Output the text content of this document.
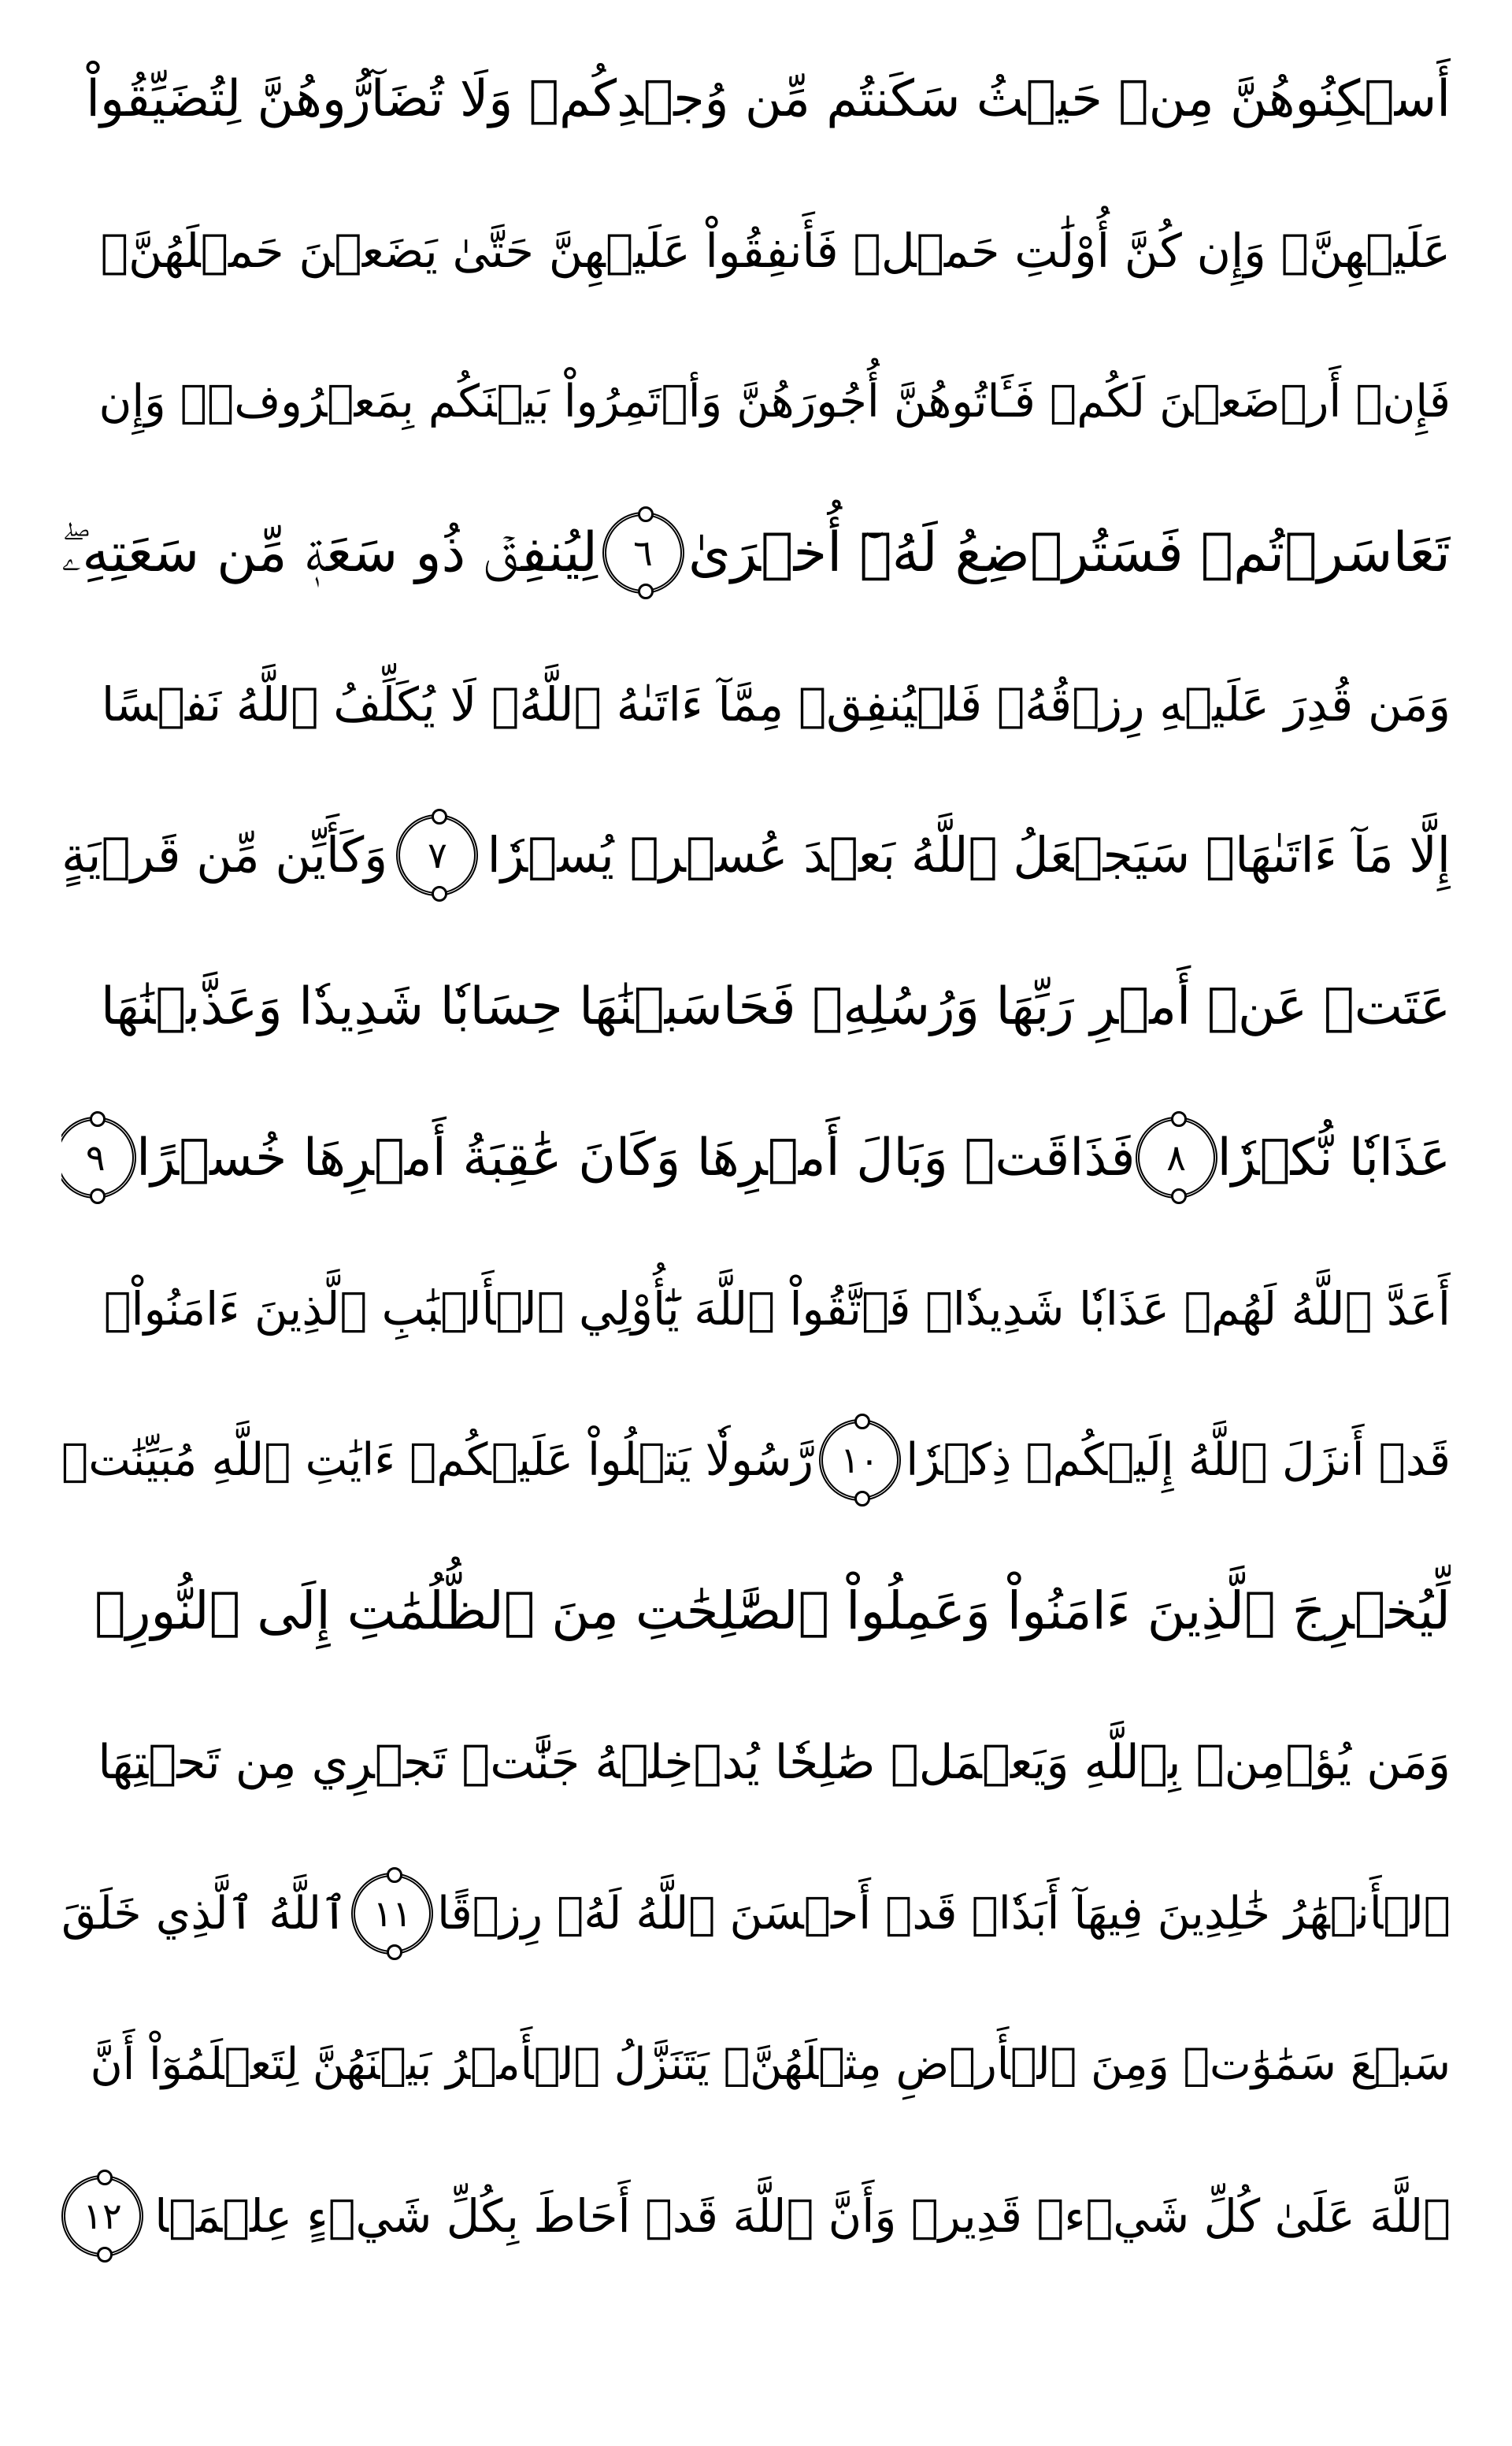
أَسۡكِنُوهُنَّ مِنۡ حَيۡثُ سَكَنتُم مِّن وُجۡدِكُمۡ وَلَا تُضَآرُّوهُنَّ لِتُضَيِّقُواْ
عَلَيۡهِنَّۚ وَإِن كُنَّ أُوْلَٰتِ حَمۡلٖ فَأَنفِقُواْ عَلَيۡهِنَّ حَتَّىٰ يَضَعۡنَ حَمۡلَهُنَّۚ
فَإِنۡ أَرۡضَعۡنَ لَكُمۡ فَـَٔاتُوهُنَّ أُجُورَهُنَّ وَأۡتَمِرُواْ بَيۡنَكُم بِمَعۡرُوفٖۖ وَإِن
تَعَاسَرۡتُمۡ فَسَتُرۡضِعُ لَهُۥٓ أُخۡرَىٰ
٦
لِيُنفِقۡ ذُو سَعَةٖ مِّن سَعَتِهِۦۖ
وَمَن قُدِرَ عَلَيۡهِ رِزۡقُهُۥ فَلۡيُنفِقۡ مِمَّآ ءَاتَىٰهُ ٱللَّهُۚ لَا يُكَلِّفُ ٱللَّهُ نَفۡسًا
إِلَّا مَآ ءَاتَىٰهَاۚ سَيَجۡعَلُ ٱللَّهُ بَعۡدَ عُسۡرٖ يُسۡرٗا
٧
وَكَأَيِّن مِّن قَرۡيَةٍ
عَتَتۡ عَنۡ أَمۡرِ رَبِّهَا وَرُسُلِهِۦ فَحَاسَبۡنَٰهَا حِسَابٗا شَدِيدٗا وَعَذَّبۡنَٰهَا
عَذَابٗا نُّكۡرٗا
٨
فَذَاقَتۡ وَبَالَ أَمۡرِهَا وَكَانَ عَٰقِبَةُ أَمۡرِهَا خُسۡرًا
٩
أَعَدَّ ٱللَّهُ لَهُمۡ عَذَابٗا شَدِيدٗاۖ فَٱتَّقُواْ ٱللَّهَ يَٰٓأُوْلِي ٱلۡأَلۡبَٰبِ ٱلَّذِينَ ءَامَنُواْۚ
قَدۡ أَنزَلَ ٱللَّهُ إِلَيۡكُمۡ ذِكۡرٗا
١٠
رَّسُولٗا يَتۡلُواْ عَلَيۡكُمۡ ءَايَٰتِ ٱللَّهِ مُبَيِّنَٰتٖ
لِّيُخۡرِجَ ٱلَّذِينَ ءَامَنُواْ وَعَمِلُواْ ٱلصَّٰلِحَٰتِ مِنَ ٱلظُّلُمَٰتِ إِلَى ٱلنُّورِۚ
وَمَن يُؤۡمِنۢ بِٱللَّهِ وَيَعۡمَلۡ صَٰلِحٗا يُدۡخِلۡهُ جَنَّٰتٖ تَجۡرِي مِن تَحۡتِهَا
ٱلۡأَنۡهَٰرُ خَٰلِدِينَ فِيهَآ أَبَدٗاۖ قَدۡ أَحۡسَنَ ٱللَّهُ لَهُۥ رِزۡقًا
١١
ٱللَّهُ ٱلَّذِي خَلَقَ
سَبۡعَ سَمَٰوَٰتٖ وَمِنَ ٱلۡأَرۡضِ مِثۡلَهُنَّۖ يَتَنَزَّلُ ٱلۡأَمۡرُ بَيۡنَهُنَّ لِتَعۡلَمُوٓاْ أَنَّ
ٱللَّهَ عَلَىٰ كُلِّ شَيۡءٖ قَدِيرٞ وَأَنَّ ٱللَّهَ قَدۡ أَحَاطَ بِكُلِّ شَيۡءٍ عِلۡمَۢا
١٢
